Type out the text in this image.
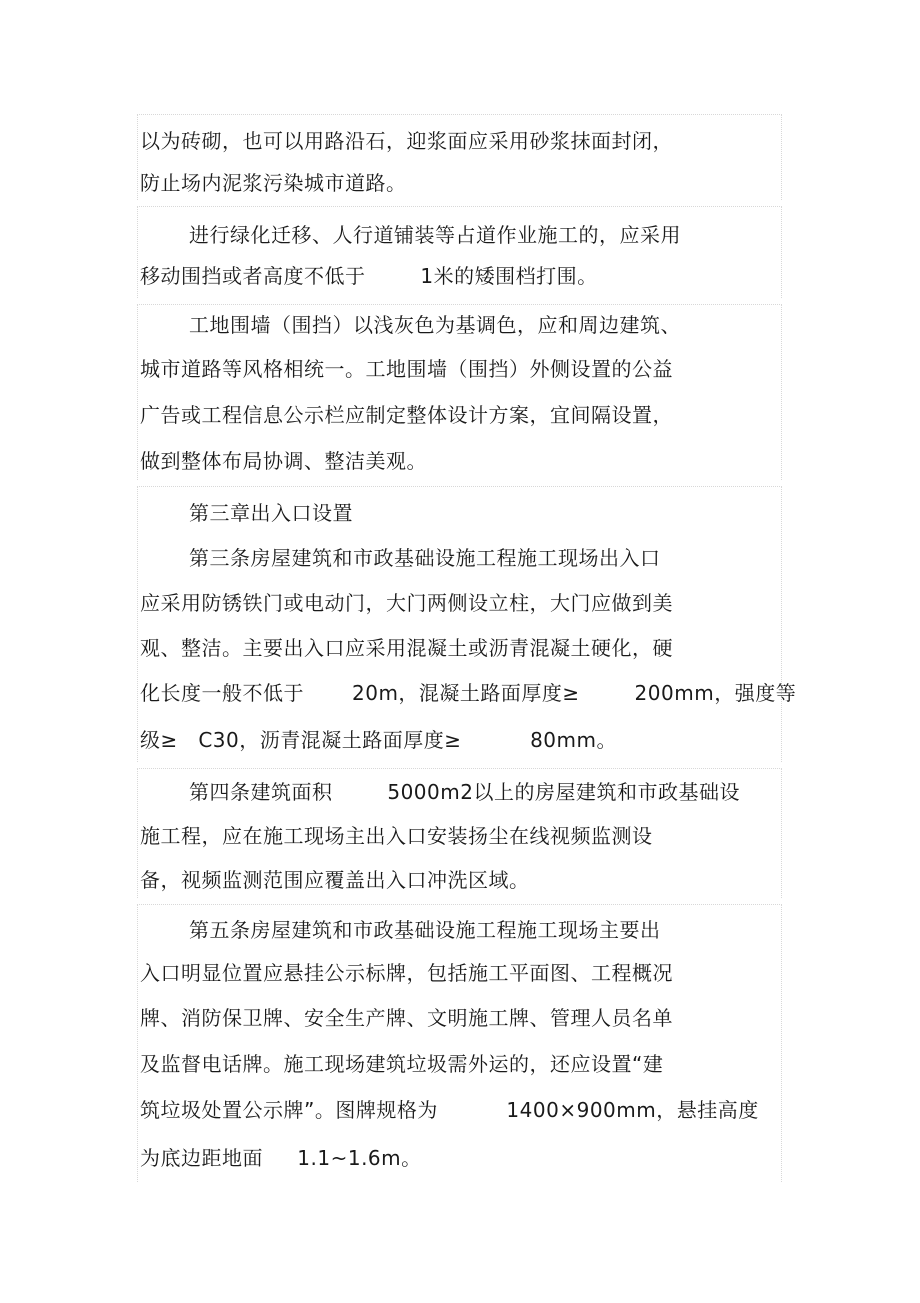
以为砖砌，也可以用路沿石，迎浆面应采用砂浆抹面封闭，
防止场内泥浆污染城市道路。
进行绿化迁移、人行道铺装等占道作业施工的，应采用
移动围挡或者高度不低于        1米的矮围档打围。
工地围墙（围挡）以浅灰色为基调色，应和周边建筑、
城市道路等风格相统一。工地围墙（围挡）外侧设置的公益
广告或工程信息公示栏应制定整体设计方案，宜间隔设置，
做到整体布局协调、整洁美观。
第三章出入口设置
第三条房屋建筑和市政基础设施工程施工现场出入口
应采用防锈铁门或电动门，大门两侧设立柱，大门应做到美
观、整洁。主要出入口应采用混凝土或沥青混凝土硬化，硬
化长度一般不低于       20m，混凝土路面厚度≥        200mm，强度等
级≥   C30，沥青混凝土路面厚度≥          80mm。
第四条建筑面积        5000m2以上的房屋建筑和市政基础设
施工程，应在施工现场主出入口安装扬尘在线视频监测设
备，视频监测范围应覆盖出入口冲洗区域。
第五条房屋建筑和市政基础设施工程施工现场主要出
入口明显位置应悬挂公示标牌，包括施工平面图、工程概况
牌、消防保卫牌、安全生产牌、文明施工牌、管理人员名单
及监督电话牌。施工现场建筑垃圾需外运的，还应设置“建
筑垃圾处置公示牌”。图牌规格为          1400×900mm，悬挂高度
为底边距地面     1.1~1.6m。
